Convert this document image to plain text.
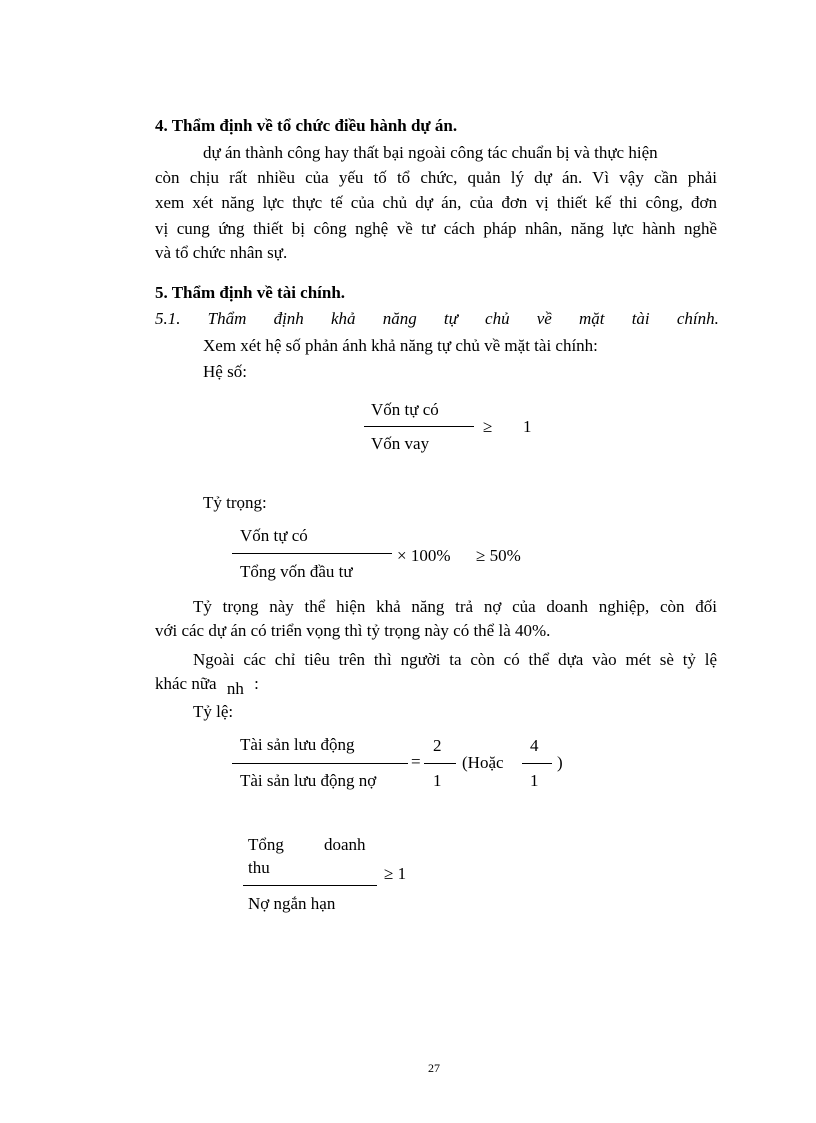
4. Thẩm định về tổ chức điều hành dự án.
dự án thành công hay thất bại ngoài công tác chuẩn bị và thực hiện
còn chịu rất nhiều của yếu tố tổ chức, quản lý dự án. Vì vậy cần phải
xem xét năng lực thực tế của chủ dự án, của đơn vị thiết kế thi công, đơn
vị cung ứng thiết bị công nghệ về tư cách pháp nhân, năng lực hành nghề
và tổ chức nhân sự.
5. Thẩm định về tài chính.
5.1. Thẩm định khả năng tự chủ về mặt tài chính.
Xem xét hệ số phản ánh khả năng tự chủ về mặt tài chính:
Hệ số:
Vốn tự có
Vốn vay
≥ 1
Tỷ trọng:
Vốn tự có
Tổng vốn đầu tư
× 100% ≥ 50%
Tỷ trọng này thể hiện khả năng trả nợ của doanh nghiệp, còn đối
với các dự án có triển vọng thì tỷ trọng này có thể là 40%.
Ngoài các chỉ tiêu trên thì người ta còn có thể dựa vào mét sè tỷ lệ
khác nữa nh :
Tỷ lệ:
Tài sản lưu động
Tài sản lưu động nợ
=
2
1
(Hoặc
4
1
)
Tổng doanh
thu
Nợ ngắn hạn
≥ 1
27
